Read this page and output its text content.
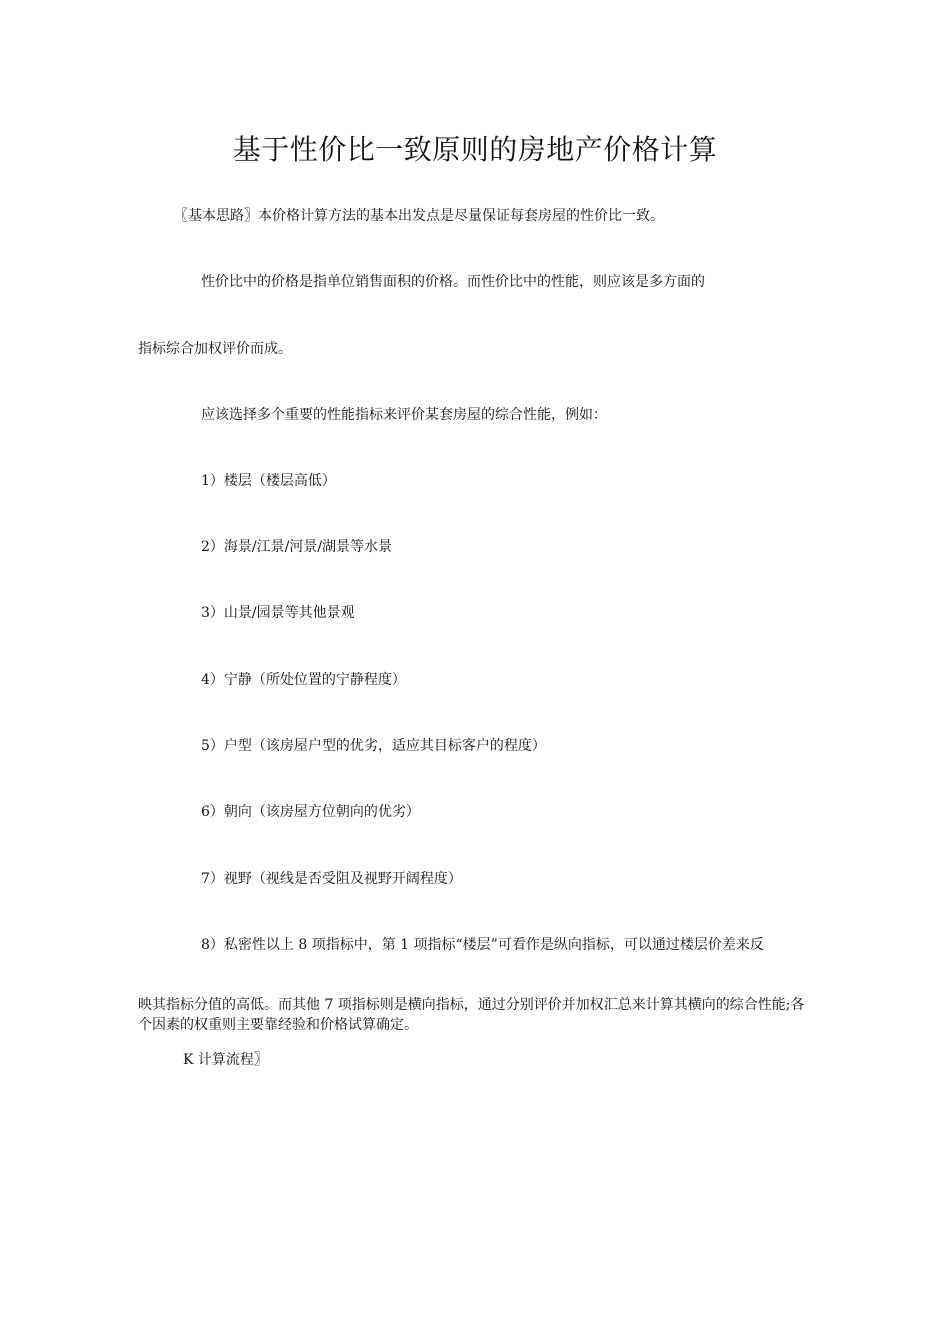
基于性价比一致原则的房地产价格计算

〖基本思路〗本价格计算方法的基本出发点是尽量保证每套房屋的性价比一致。

性价比中的价格是指单位销售面积的价格。而性价比中的性能，则应该是多方面的

指标综合加权评价而成。

应该选择多个重要的性能指标来评价某套房屋的综合性能，例如：

1）楼层（楼层高低）

2）海景/江景/河景/湖景等水景

3）山景/园景等其他景观

4）宁静（所处位置的宁静程度）

5）户型（该房屋户型的优劣，适应其目标客户的程度）

6）朝向（该房屋方位朝向的优劣）

7）视野（视线是否受阻及视野开阔程度）

8）私密性以上 8 项指标中，第 1 项指标“楼层”可看作是纵向指标，可以通过楼层价差来反

映其指标分值的高低。而其他 7 项指标则是横向指标，通过分别评价并加权汇总来计算其横向的综合性能;各个因素的权重则主要靠经验和价格试算确定。

K 计算流程〗
